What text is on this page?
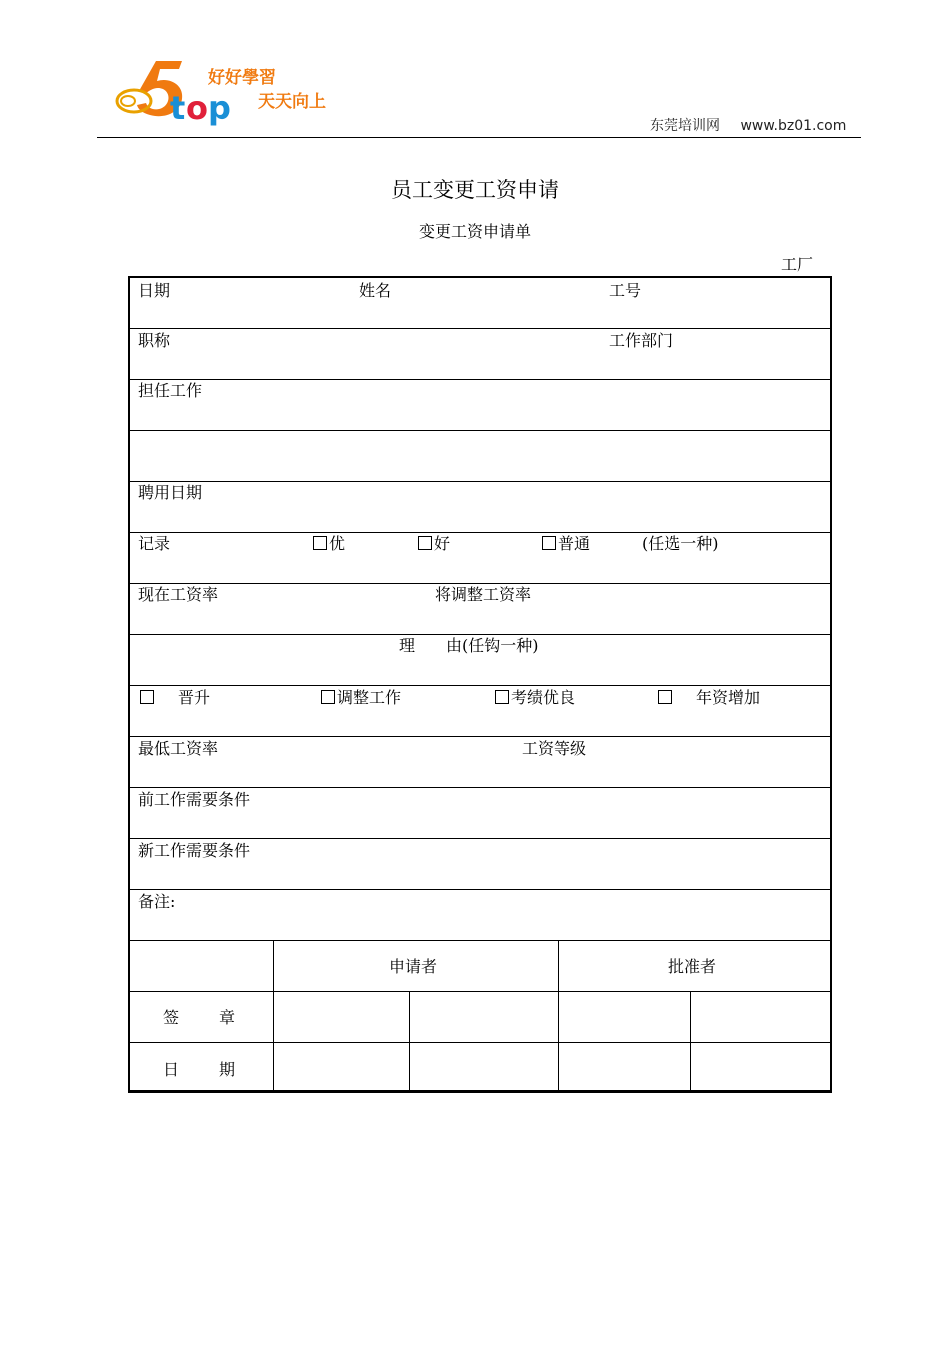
t o p
好好學習
天天向上
东莞培训网 www.bz01.com
员工变更工资申请
变更工资申请单
工厂
日期	姓名	工号
职称	工作部门
担任工作
聘用日期
记录	优	好	普通	(任选一种)
现在工资率	将调整工资率
理 由(任钩一种)
晋升	调整工作	考绩优良	年资增加
最低工资率	工资等级
前工作需要条件
新工作需要条件
备注:
申请者	批准者
签 章
日 期
